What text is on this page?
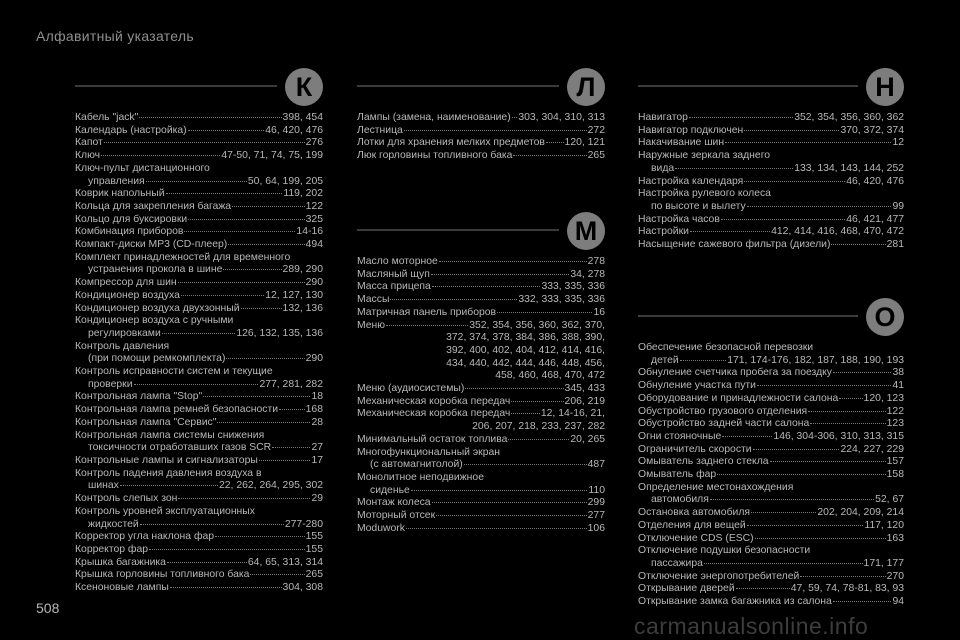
Алфавитный указатель
К
Кабель "jack"	398, 454
Календарь (настройка)	46, 420, 476
Капот	276
Ключ	47-50, 71, 74, 75, 199
Ключ-пульт дистанционного
управления	50, 64, 199, 205
Коврик напольный	119, 202
Кольца для закрепления багажа	122
Кольцо для буксировки	325
Комбинация приборов	14-16
Компакт-диски MP3 (CD-плеер)	494
Комплект принадлежностей для временного
устранения прокола в шине	289, 290
Компрессор для шин	290
Кондиционер воздуха	12, 127, 130
Кондиционер воздуха двухзонный	132, 136
Кондиционер воздуха с ручными
регулировками	126, 132, 135, 136
Контроль давления
(при помощи ремкомплекта)	290
Контроль исправности систем и текущие
проверки	277, 281, 282
Контрольная лампа "Stop"	18
Контрольная лампа ремней безопасности	168
Контрольная лампа "Сервис"	28
Контрольная лампа системы снижения
токсичности отработавших газов SCR	27
Контрольные лампы и сигнализаторы	17
Контроль падения давления воздуха в
шинах	22, 262, 264, 295, 302
Контроль слепых зон	29
Контроль уровней эксплуатационных
жидкостей	277-280
Корректор угла наклона фар	155
Корректор фар	155
Крышка багажника	64, 65, 313, 314
Крышка горловины топливного бака	265
Ксеноновые лампы	304, 308
Л
Лампы (замена, наименование) 303, 304, 310, 313
Лестница	272
Лотки для хранения мелких предметов 120, 121
Люк горловины топливного бака	265
М
Масло моторное	278
Масляный щуп	34, 278
Масса прицепа	333, 335, 336
Массы	332, 333, 335, 336
Матричная панель приборов	16
Меню	352, 354, 356, 360, 362, 370,
372, 374, 378, 384, 386, 388, 390,
392, 400, 402, 404, 412, 414, 416,
434, 440, 442, 444, 446, 448, 456,
458, 460, 468, 470, 472
Меню (аудиосистемы)	345, 433
Механическая коробка передач	206, 219
Механическая коробка передач	12, 14-16, 21,
206, 207, 218, 233, 237, 282
Минимальный остаток топлива	20, 265
Многофункциональный экран
(с автомагнитолой)	487
Монолитное неподвижное
сиденье	110
Монтаж колеса	299
Моторный отсек	277
Moduwork	106
Н
Навигатор	352, 354, 356, 360, 362
Навигатор подключен	370, 372, 374
Накачивание шин	12
Наружные зеркала заднего
вида	133, 134, 143, 144, 252
Настройка календаря	46, 420, 476
Настройка рулевого колеса
по высоте и вылету	99
Настройка часов	46, 421, 477
Настройки	412, 414, 416, 468, 470, 472
Насыщение сажевого фильтра (дизели)	281
О
Обеспечение безопасной перевозки
детей	171, 174-176, 182, 187, 188, 190, 193
Обнуление счетчика пробега за поездку	38
Обнуление участка пути	41
Оборудование и принадлежности салона 120, 123
Обустройство грузового отделения	122
Обустройство задней части салона	123
Огни стояночные	146, 304-306, 310, 313, 315
Ограничитель скорости	224, 227, 229
Омыватель заднего стекла	157
Омыватель фар	158
Определение местонахождения
автомобиля	52, 67
Остановка автомобиля	202, 204, 209, 214
Отделения для вещей	117, 120
Отключение CDS (ESC)	163
Отключение подушки безопасности
пассажира	171, 177
Отключение энергопотребителей	270
Открывание дверей	47, 59, 74, 78-81, 83, 93
Открывание замка багажника из салона	94
508
carmanualsonline.info
